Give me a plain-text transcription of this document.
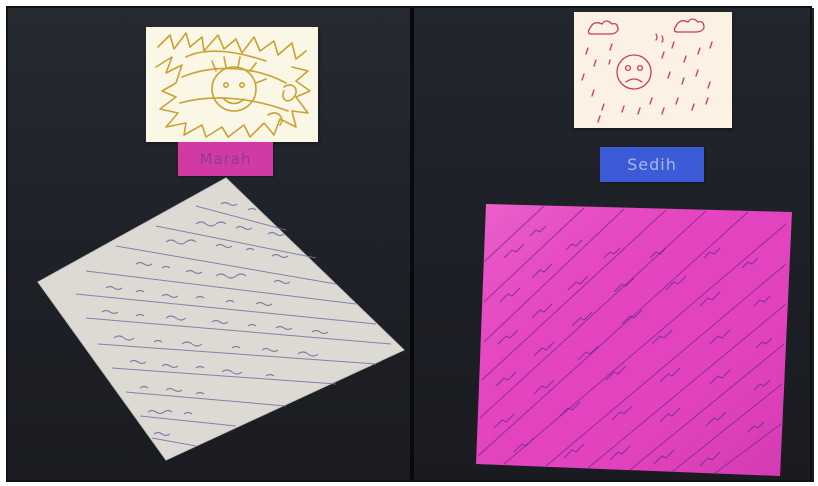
Marah	Sedih
